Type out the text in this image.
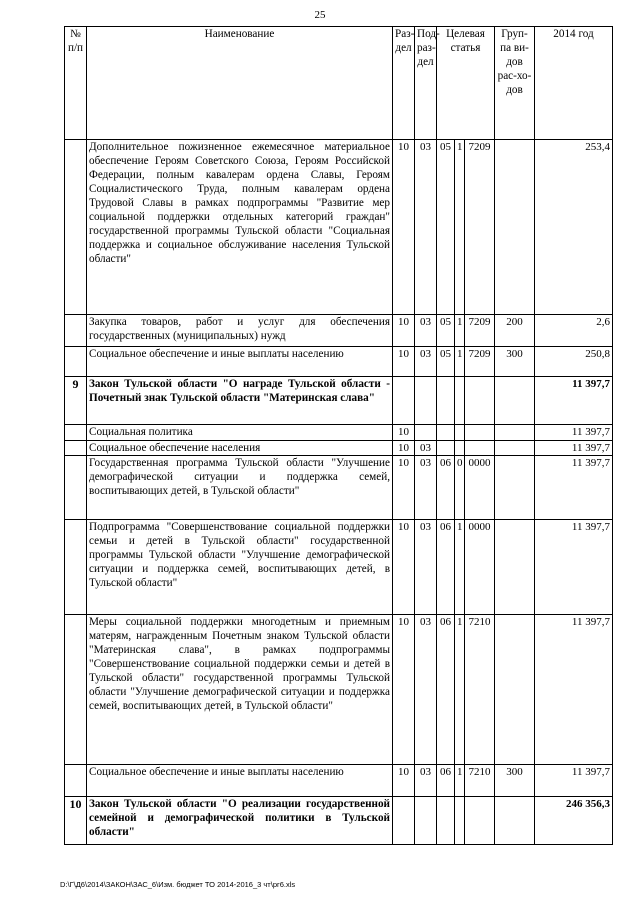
25
№ п/п	Наименование	Раз-дел	Под-раз-дел	Целевая статья			Груп-па ви-дов рас-хо-дов	2014 год
	Дополнительное пожизненное ежемесячное материальное обеспечение Героям Советского Союза, Героям Российской Федерации, полным кавалерам ордена Славы, Героям Социалистического Труда, полным кавалерам ордена Трудовой Славы в рамках подпрограммы "Развитие мер социальной поддержки отдельных категорий граждан" государственной программы Тульской области "Социальная поддержка и социальное обслуживание населения Тульской области"	10	03	05	1	7209		253,4
	Закупка товаров, работ и услуг для обеспечения государственных (муниципальных) нужд	10	03	05	1	7209	200	2,6
	Социальное обеспечение и иные выплаты населению	10	03	05	1	7209	300	250,8
9	Закон Тульской области "О награде Тульской области - Почетный знак Тульской области "Материнская слава"							11 397,7
	Социальная политика	10						11 397,7
	Социальное обеспечение населения	10	03					11 397,7
	Государственная программа Тульской области "Улучшение демографической ситуации и поддержка семей, воспитывающих детей, в Тульской области"	10	03	06	0	0000		11 397,7
	Подпрограмма "Совершенствование социальной поддержки семьи и детей в Тульской области" государственной программы Тульской области "Улучшение демографической ситуации и поддержка семей, воспитывающих детей, в Тульской области"	10	03	06	1	0000		11 397,7
	Меры социальной поддержки многодетным и приемным матерям, награжденным Почетным знаком Тульской области "Материнская слава", в рамках подпрограммы "Совершенствование социальной поддержки семьи и детей в Тульской области" государственной программы Тульской области "Улучшение демографической ситуации и поддержка семей, воспитывающих детей, в Тульской области"	10	03	06	1	7210		11 397,7
	Социальное обеспечение и иные выплаты населению	10	03	06	1	7210	300	11 397,7
10	Закон Тульской области "О реализации государственной семейной и демографической политики в Тульской области"							246 356,3
D:\Г\Д6\2014\ЗАКОН\ЗАС_6\Изм. бюджет ТО 2014-2016_3 чт\рг6.xls
